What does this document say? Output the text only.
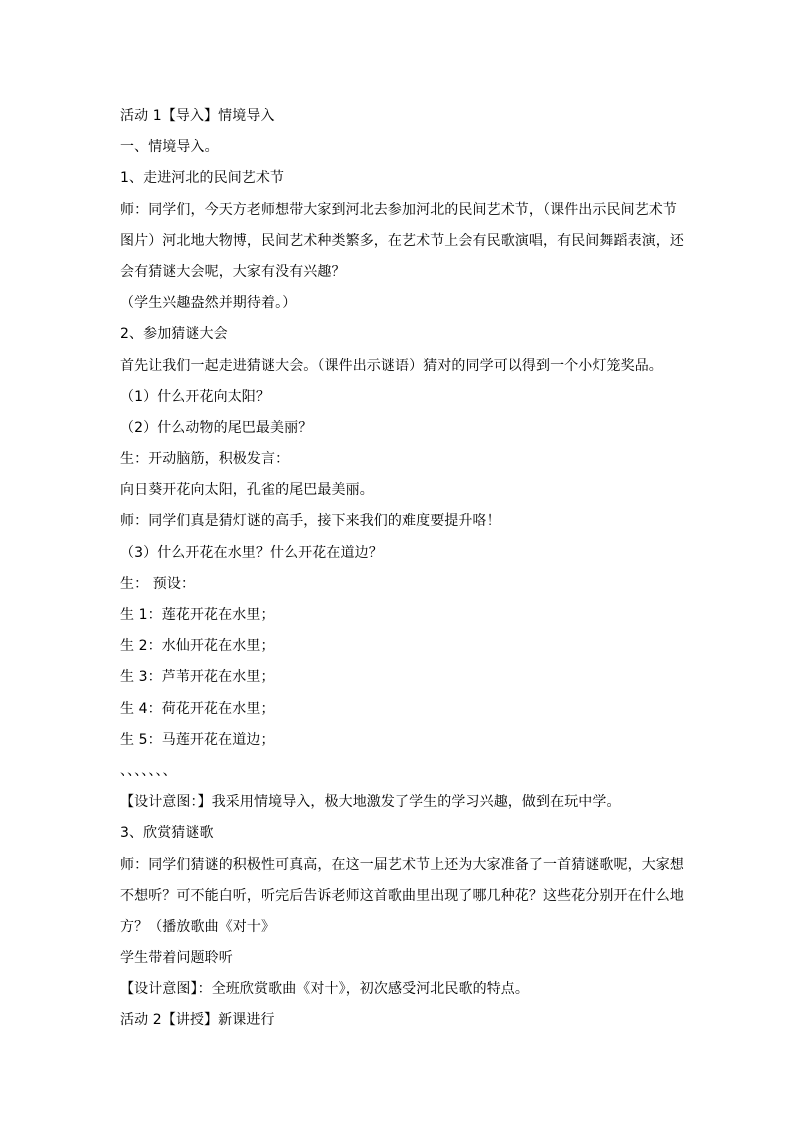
活动 1【导入】情境导入
一、情境导入。
1、走进河北的民间艺术节
师：同学们，今天方老师想带大家到河北去参加河北的民间艺术节，（课件出示民间艺术节
图片）河北地大物博，民间艺术种类繁多，在艺术节上会有民歌演唱，有民间舞蹈表演，还
会有猜谜大会呢，大家有没有兴趣？
（学生兴趣盎然并期待着。）
2、参加猜谜大会
首先让我们一起走进猜谜大会。（课件出示谜语）猜对的同学可以得到一个小灯笼奖品。
（1）什么开花向太阳？
（2）什么动物的尾巴最美丽？
生：开动脑筋，积极发言：
向日葵开花向太阳，孔雀的尾巴最美丽。
师：同学们真是猜灯谜的高手，接下来我们的难度要提升咯！
（3）什么开花在水里？什么开花在道边？
生： 预设：
生 1：莲花开花在水里；
生 2：水仙开花在水里；
生 3：芦苇开花在水里；
生 4：荷花开花在水里；
生 5：马莲开花在道边；
、、、、、、、
【设计意图：】我采用情境导入，极大地激发了学生的学习兴趣，做到在玩中学。
3、欣赏猜谜歌
师：同学们猜谜的积极性可真高，在这一届艺术节上还为大家准备了一首猜谜歌呢，大家想
不想听？可不能白听，听完后告诉老师这首歌曲里出现了哪几种花？这些花分别开在什么地
方？（播放歌曲《对十》
学生带着问题聆听
【设计意图】：全班欣赏歌曲《对十》，初次感受河北民歌的特点。
活动 2【讲授】新课进行
